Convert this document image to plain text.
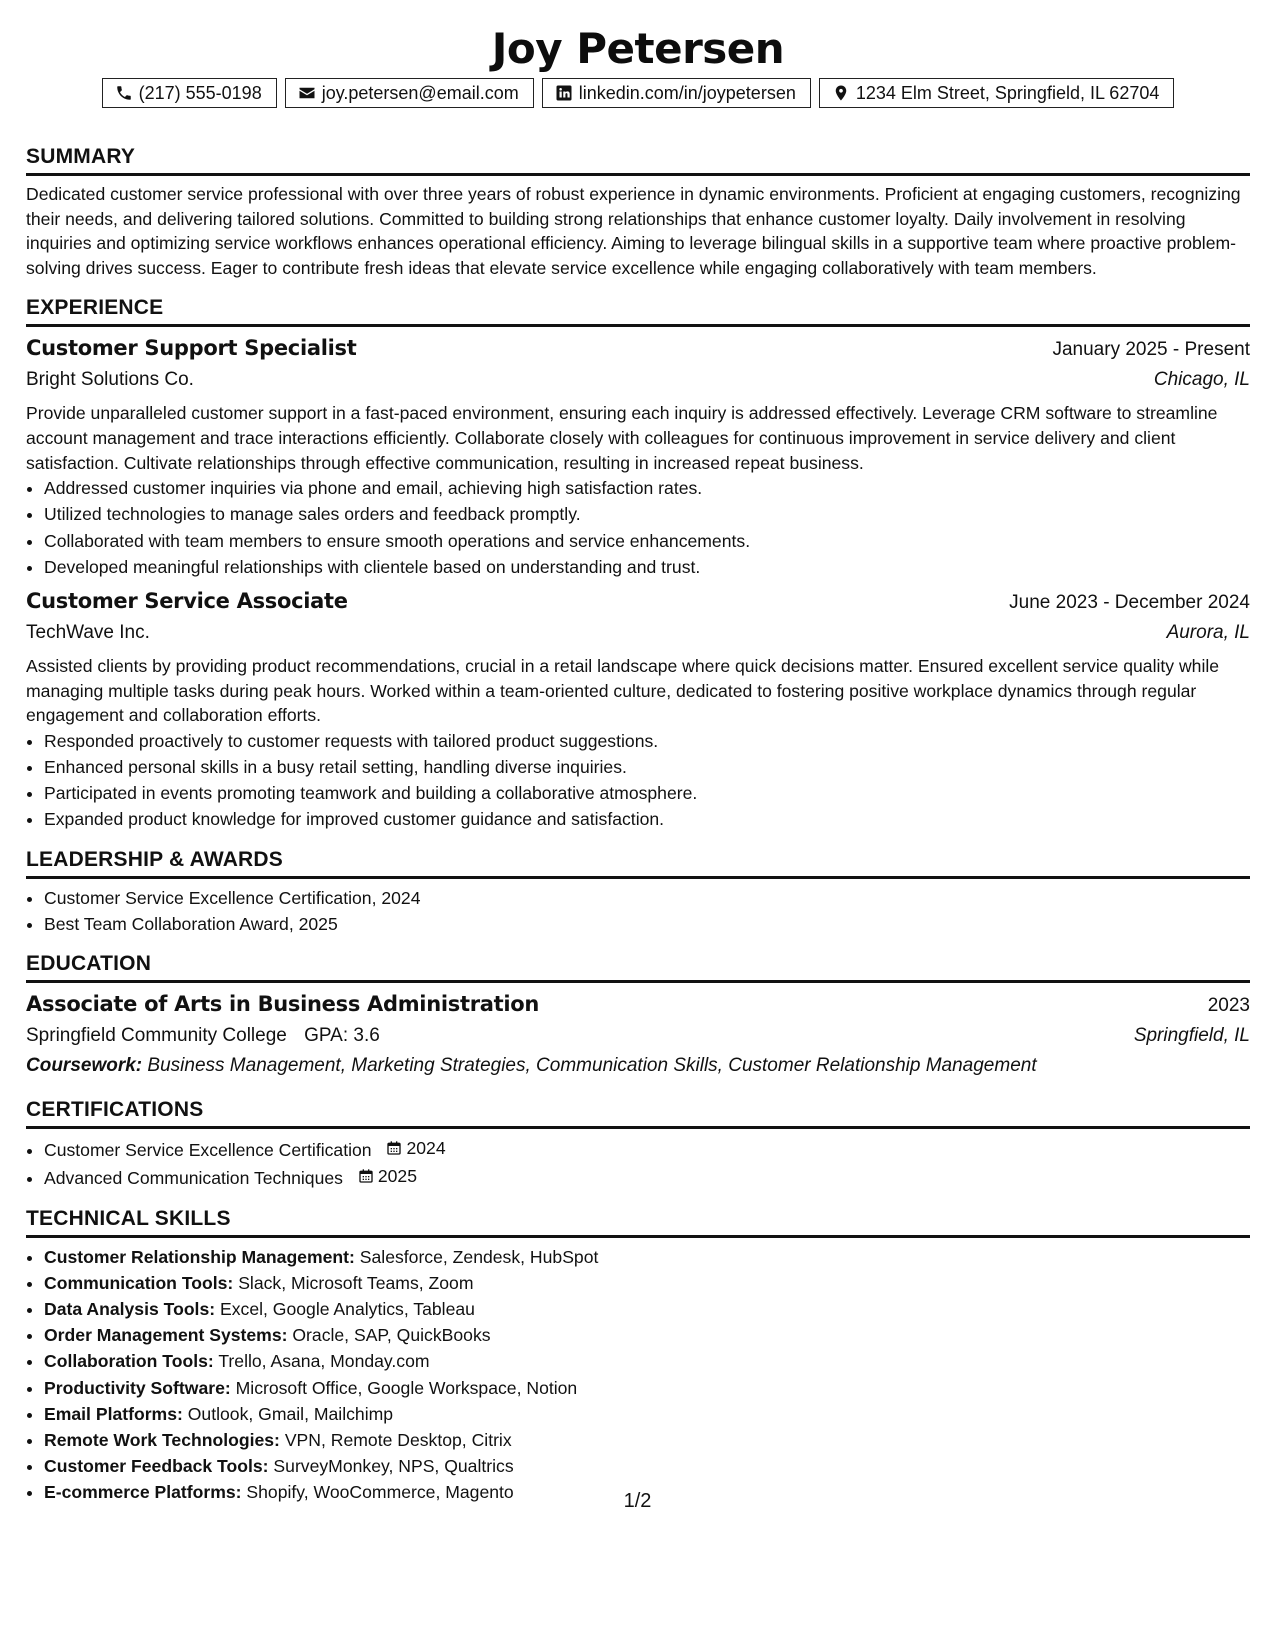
Joy Petersen
(217) 555-0198	joy.petersen@email.com	linkedin.com/in/joypetersen	1234 Elm Street, Springfield, IL 62704
SUMMARY

Dedicated customer service professional with over three years of robust experience in dynamic environments. Proficient at engaging customers, recognizing their needs, and delivering tailored solutions. Committed to building strong relationships that enhance customer loyalty. Daily involvement in resolving inquiries and optimizing service workflows enhances operational efficiency. Aiming to leverage bilingual skills in a supportive team where proactive problem-solving drives success. Eager to contribute fresh ideas that elevate service excellence while engaging collaboratively with team members.

EXPERIENCE
Customer Support Specialist	January 2025 - Present
Bright Solutions Co.	Chicago, IL

Provide unparalleled customer support in a fast-paced environment, ensuring each inquiry is addressed effectively. Leverage CRM software to streamline account management and trace interactions efficiently. Collaborate closely with colleagues for continuous improvement in service delivery and client satisfaction. Cultivate relationships through effective communication, resulting in increased repeat business.

• Addressed customer inquiries via phone and email, achieving high satisfaction rates.
• Utilized technologies to manage sales orders and feedback promptly.
• Collaborated with team members to ensure smooth operations and service enhancements.
• Developed meaningful relationships with clientele based on understanding and trust.
Customer Service Associate	June 2023 - December 2024
TechWave Inc.	Aurora, IL

Assisted clients by providing product recommendations, crucial in a retail landscape where quick decisions matter. Ensured excellent service quality while managing multiple tasks during peak hours. Worked within a team-oriented culture, dedicated to fostering positive workplace dynamics through regular engagement and collaboration efforts.

• Responded proactively to customer requests with tailored product suggestions.
• Enhanced personal skills in a busy retail setting, handling diverse inquiries.
• Participated in events promoting teamwork and building a collaborative atmosphere.
• Expanded product knowledge for improved customer guidance and satisfaction.
LEADERSHIP & AWARDS
• Customer Service Excellence Certification, 2024
• Best Team Collaboration Award, 2025
EDUCATION
Associate of Arts in Business Administration	2023
Springfield Community College GPA: 3.6	Springfield, IL
Coursework: Business Management, Marketing Strategies, Communication Skills, Customer Relationship Management
CERTIFICATIONS
• Customer Service Excellence Certification 2024
• Advanced Communication Techniques 2025
TECHNICAL SKILLS
• Customer Relationship Management: Salesforce, Zendesk, HubSpot
• Communication Tools: Slack, Microsoft Teams, Zoom
• Data Analysis Tools: Excel, Google Analytics, Tableau
• Order Management Systems: Oracle, SAP, QuickBooks
• Collaboration Tools: Trello, Asana, Monday.com
• Productivity Software: Microsoft Office, Google Workspace, Notion
• Email Platforms: Outlook, Gmail, Mailchimp
• Remote Work Technologies: VPN, Remote Desktop, Citrix
• Customer Feedback Tools: SurveyMonkey, NPS, Qualtrics
• E-commerce Platforms: Shopify, WooCommerce, Magento	1/2
